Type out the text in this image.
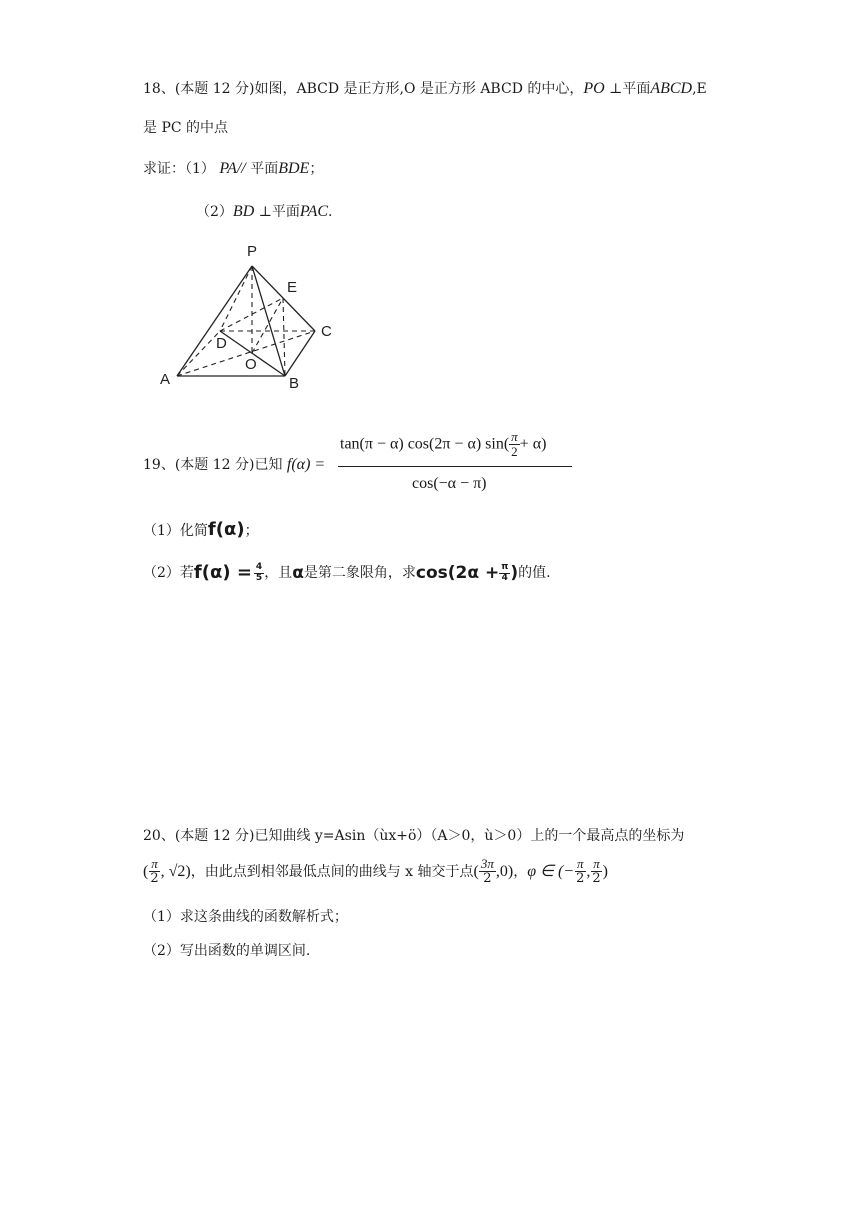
18、(本题 12 分)如图，ABCD 是正方形,O 是正方形 ABCD 的中心，PO ⊥平面ABCD,E
是 PC 的中点
求证：（1） PA// 平面BDE；
（2）BD ⊥平面PAC.
P
E
C
D
O
A	B
19、(本题 12 分)已知 f(α) =
tan(π − α) cos(2π − α) $\sin( \frac{\pi}{2} + \alpha)$
cos(−α − π)
（1）化简f(α)；
（2）若 $f(\alpha) = \frac{4}{5}$ ，且 α 是第二象限角，求 $\cos(2\alpha + \frac{\pi}{4}$ ) 的值.
20、(本题 12 分)已知曲线 y=Asin（ùx+ö）（A＞0，ù＞0）上的一个最高点的坐标为
( $\frac{\pi}{2}$ , √2) ，由此点到相邻最低点间的曲线与 x 轴交于点 ( $\frac{3\pi}{2} ,0$) ， φ ∈ (− $\frac{\pi}{2}$ , $\frac{\pi}{2}$ )
（1）求这条曲线的函数解析式；
（2）写出函数的单调区间.
